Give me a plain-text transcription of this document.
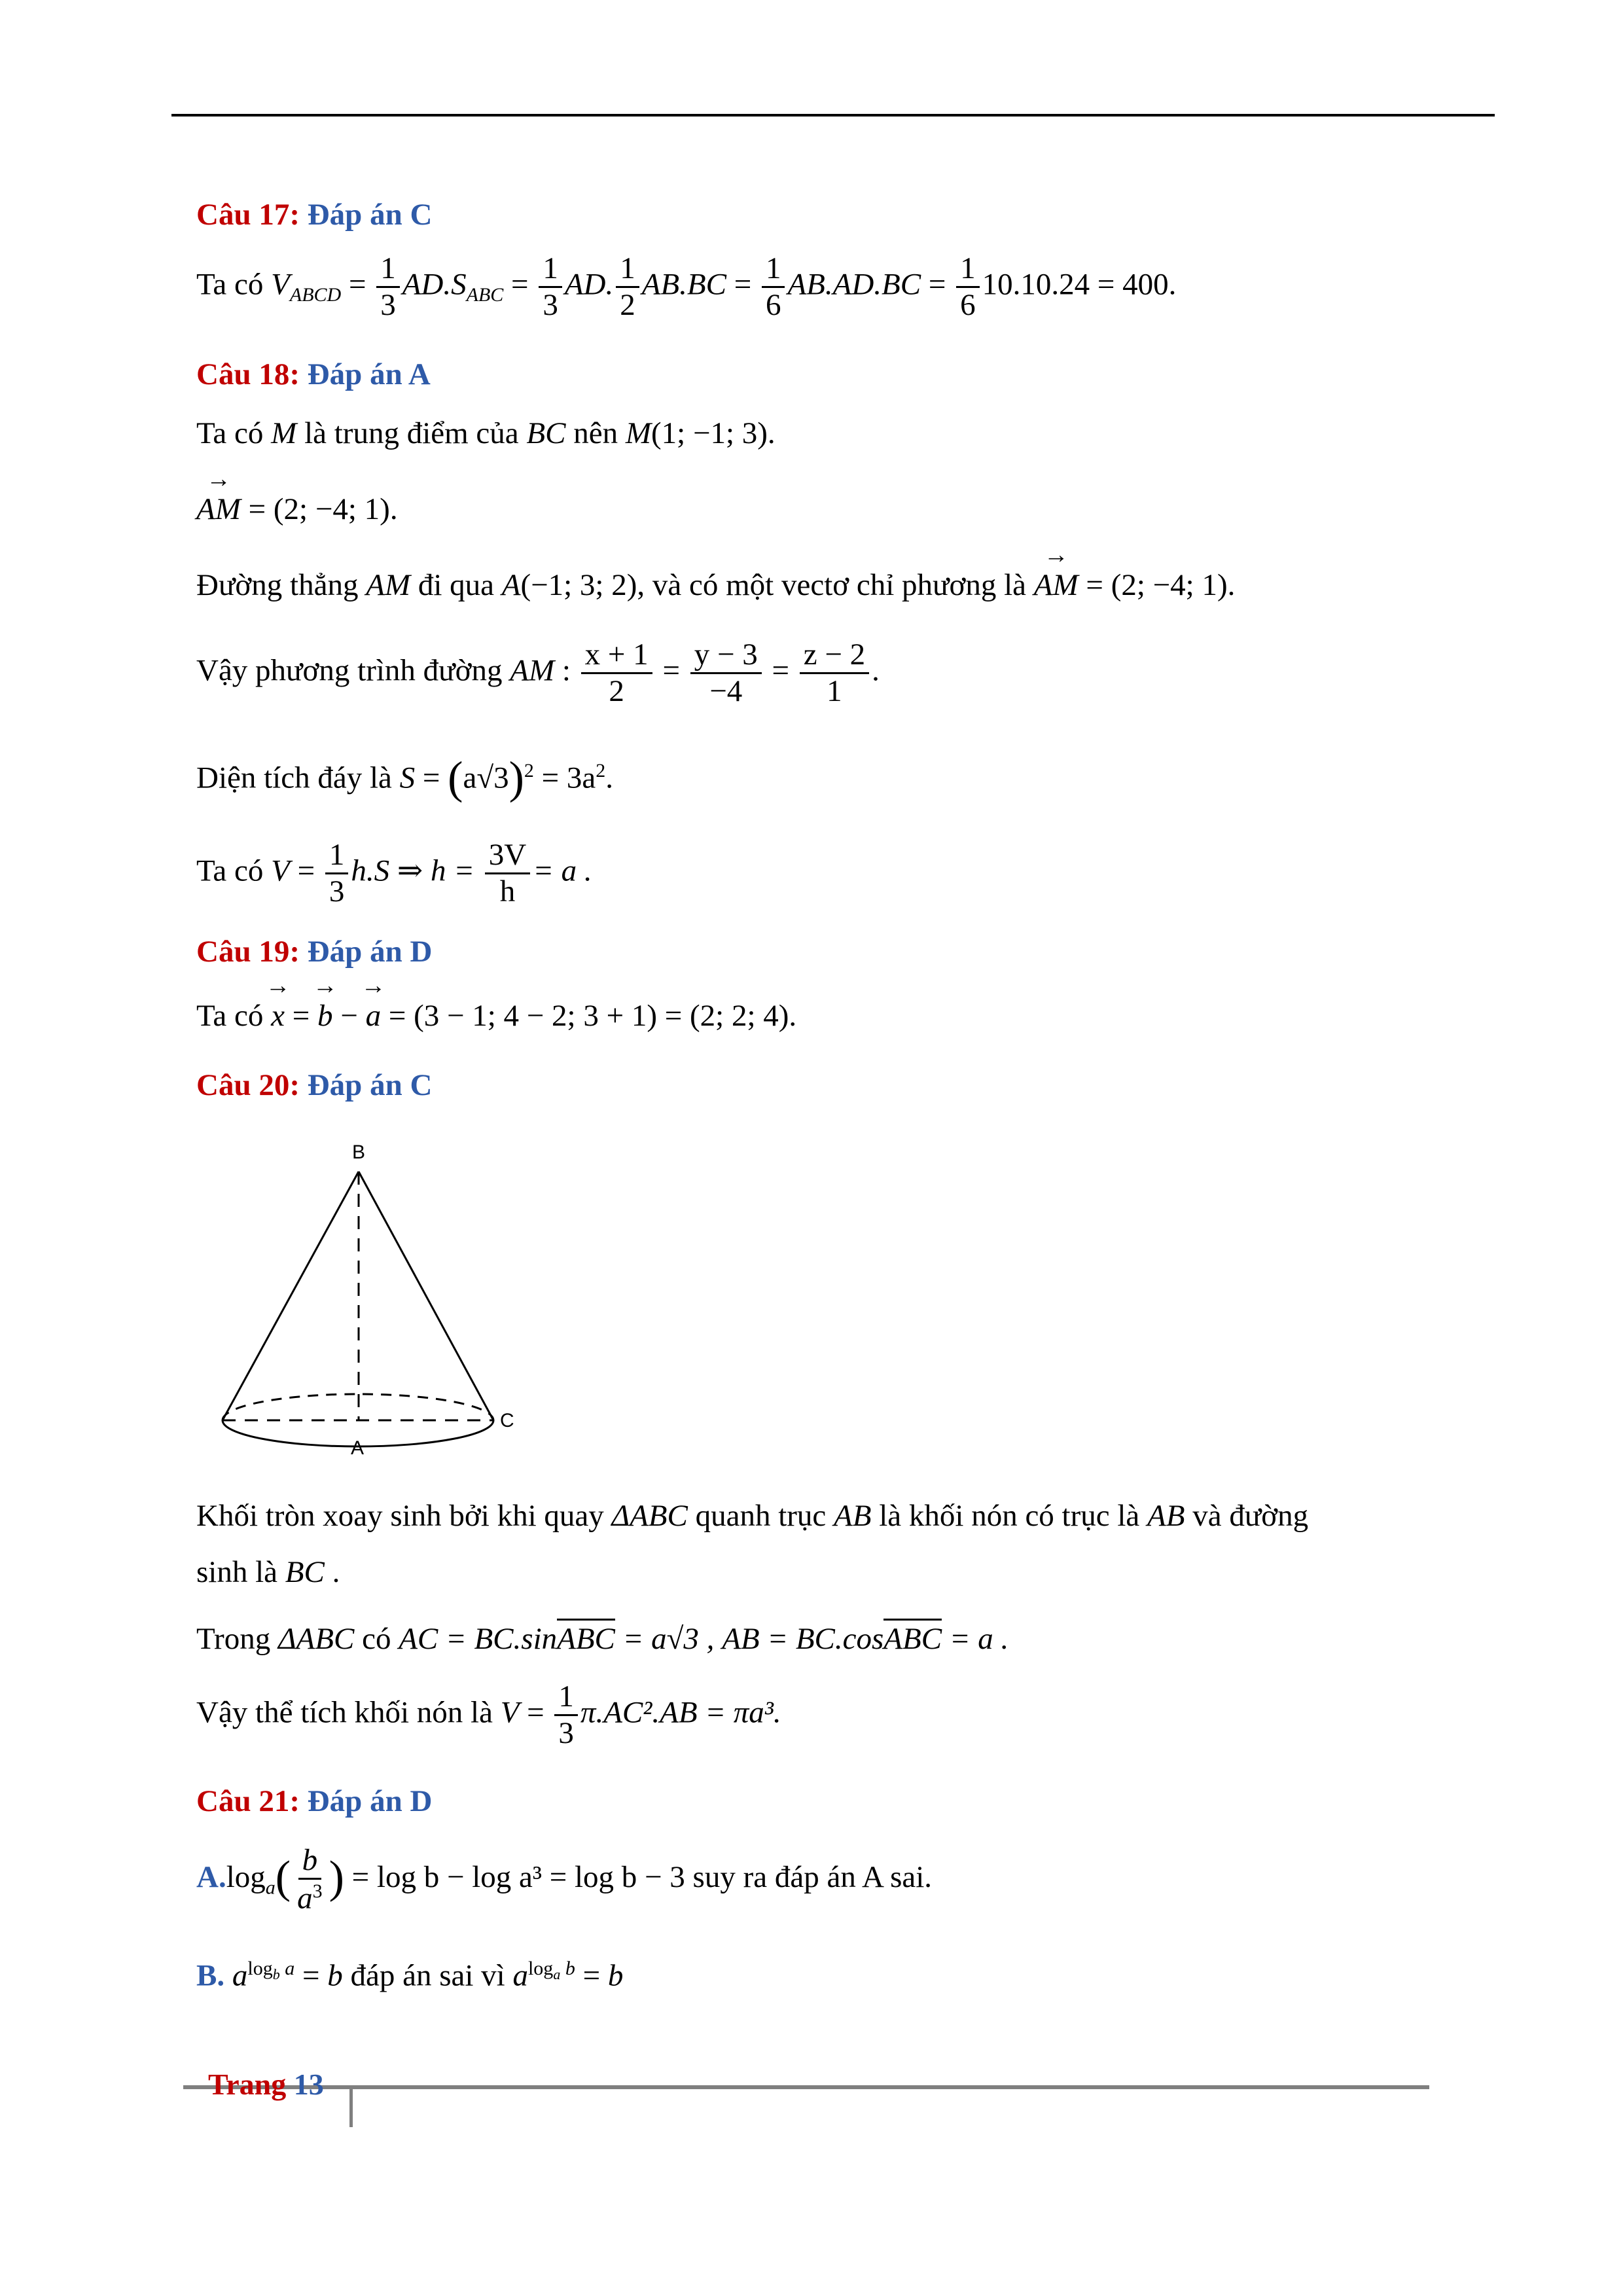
Câu 17: Đáp án C
Ta có $V_{ABCD} = \frac{1}{3} AD.S_{ABC} = \frac{1}{3}$ AD. $\frac{1}{2} AB.BC = \frac{1}{6} AB.AD.BC = \frac{1}{6} 10.10.24 = 400$.
Câu 18: Đáp án A
Ta có M là trung điểm của BC nên M(1; −1; 3).
→ AM = (2; −4; 1).
Đường thẳng AM đi qua A(−1; 3; 2), và có một vectơ chỉ phương là → AM = (2; −4; 1).
Vậy phương trình đường AM : $\frac{x + 1}{2} = \frac{y - 3}{-4} = \frac{z - 2}{1}$ .
Diện tích đáy là $S = (a√3)^2 = 3a^2$.
Ta có $V = \frac{1}{3} h.S$ ⇒ $h = \frac{3V}{h} = a$ .
Câu 19: Đáp án D
Ta có → x = → b − → a = (3 − 1; 4 − 2; 3 + 1) = (2; 2; 4).
Câu 20: Đáp án C
B
A
C
Khối tròn xoay sinh bởi khi quay ΔABC quanh trục AB là khối nón có trục là AB và đường
sinh là BC .
Trong ΔABC có AC = BC.sinABC = a√3 , AB = BC.cosABC = a .
Vậy thể tích khối nón là $V = \frac{1}{3} \pi.AC^2.AB = \pi a^3$.
Câu 21: Đáp án D
$A.\log_a( \frac{b}{a^3}$ ) = log b − log a³ = log b − 3 suy ra đáp án A sai.
B. $a^{log_b a} = b$ đáp án sai vì $a^{log_a b} = b$
Trang 13
